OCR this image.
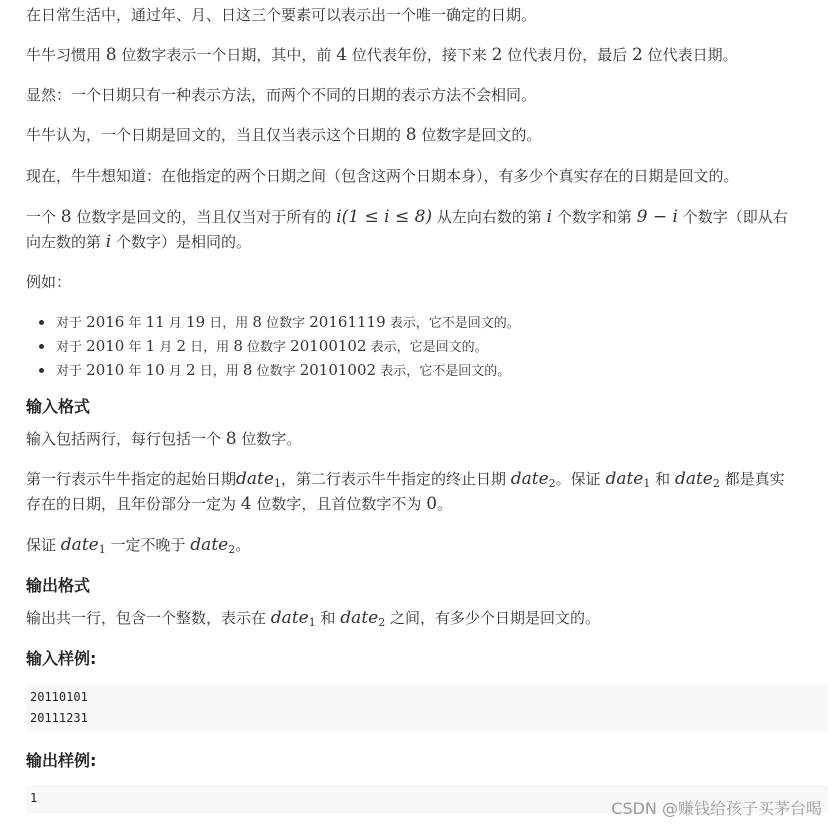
在日常生活中，通过年、月、日这三个要素可以表示出一个唯一确定的日期。
牛牛习惯用 8 位数字表示一个日期，其中，前 4 位代表年份，接下来 2 位代表月份，最后 2 位代表日期。
显然：一个日期只有一种表示方法，而两个不同的日期的表示方法不会相同。
牛牛认为，一个日期是回文的，当且仅当表示这个日期的 8 位数字是回文的。
现在，牛牛想知道：在他指定的两个日期之间（包含这两个日期本身），有多少个真实存在的日期是回文的。
一个 8 位数字是回文的，当且仅当对于所有的 i(1 ≤ i ≤ 8) 从左向右数的第 i 个数字和第 9 − i 个数字（即从右
向左数的第 i 个数字）是相同的。
例如：
对于 2016 年 11 月 19 日，用 8 位数字 20161119 表示，它不是回文的。
对于 2010 年 1 月 2 日，用 8 位数字 20100102 表示，它是回文的。
对于 2010 年 10 月 2 日，用 8 位数字 20101002 表示，它不是回文的。
输入格式
输入包括两行，每行包括一个 8 位数字。
第一行表示牛牛指定的起始日期date$_1$，第二行表示牛牛指定的终止日期 date$_2$。保证 date$_1$ 和 date$_2$ 都是真实
存在的日期，且年份部分一定为 4 位数字，且首位数字不为 0。
保证 date$_1$ 一定不晚于 date$_2$。
输出格式
输出共一行，包含一个整数，表示在 date$_1$ 和 date$_2$ 之间，有多少个日期是回文的。
输入样例:
20110101
20111231
输出样例:
1
CSDN @赚钱给孩子买茅台喝
